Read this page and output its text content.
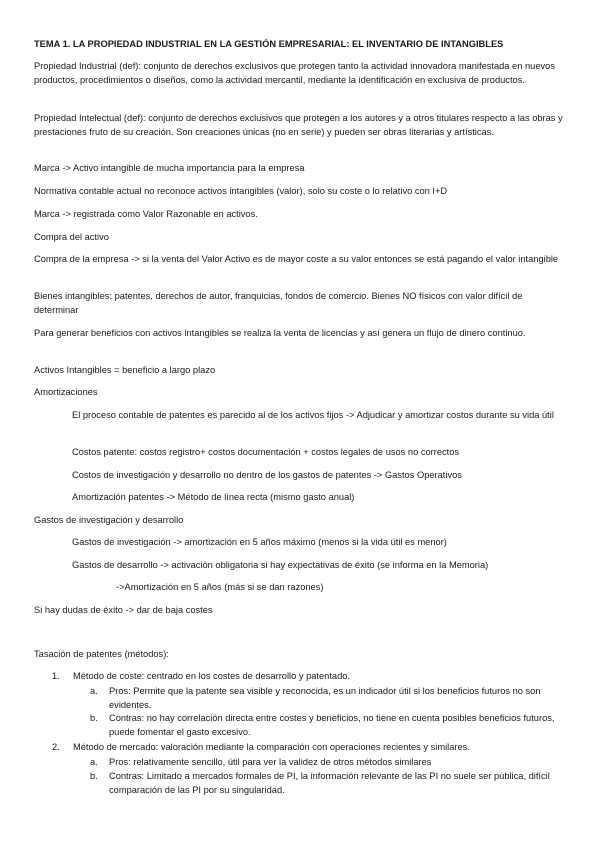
TEMA 1. LA PROPIEDAD INDUSTRIAL EN LA GESTIÓN EMPRESARIAL: EL INVENTARIO DE INTANGIBLES

Propiedad Industrial (def): conjunto de derechos exclusivos que protegen tanto la actividad innovadora manifestada en nuevos productos, procedimientos o diseños, como la actividad mercantil, mediante la identificación en exclusiva de productos.

Propiedad Intelectual (def): conjunto de derechos exclusivos que protegen a los autores y a otros titulares respecto a las obras y prestaciones fruto de su creación. Son creaciones únicas (no en serie) y pueden ser obras literarias y artísticas.

Marca -> Activo intangible de mucha importancia para la empresa

Normativa contable actual no reconoce activos intangibles (valor), solo su coste o lo relativo con I+D

Marca -> registrada como Valor Razonable en activos.

Compra del activo

Compra de la empresa -> si la venta del Valor Activo es de mayor coste a su valor entonces se está pagando el valor intangible

Bienes intangibles: patentes, derechos de autor, franquicias, fondos de comercio. Bienes NO físicos con valor difícil de determinar

Para generar beneficios con activos intangibles se realiza la venta de licencias y así genera un flujo de dinero continuo.

Activos Intangibles = beneficio a largo plazo

Amortizaciones

El proceso contable de patentes es parecido al de los activos fijos -> Adjudicar y amortizar costos durante su vida útil

Costos patente: costos registro+ costos documentación + costos legales de usos no correctos

Costos de investigación y desarrollo no dentro de los gastos de patentes -> Gastos Operativos

Amortización patentes -> Método de línea recta (mismo gasto anual)

Gastos de investigación y desarrollo

Gastos de investigación -> amortización en 5 años máximo (menos si la vida útil es menor)

Gastos de desarrollo -> activación obligatoria si hay expectativas de éxito (se informa en la Memoria)

->Amortización en 5 años (más si se dan razones)

Si hay dudas de éxito -> dar de baja costes

Tasación de patentes (métodos):

1. Método de coste: centrado en los costes de desarrollo y patentado.
a. Pros: Permite que la patente sea visible y reconocida, es un indicador útil si los beneficios futuros no son evidentes.
b. Contras: no hay correlación directa entre costes y beneficios, no tiene en cuenta posibles beneficios futuros, puede fomentar el gasto excesivo.
2. Método de mercado: valoración mediante la comparación con operaciones recientes y similares.
a. Pros: relativamente sencillo, útil para ver la validez de otros métodos similares
b. Contras: Limitado a mercados formales de PI, la información relevante de las PI no suele ser pública, difícil comparación de las PI por su singularidad.
